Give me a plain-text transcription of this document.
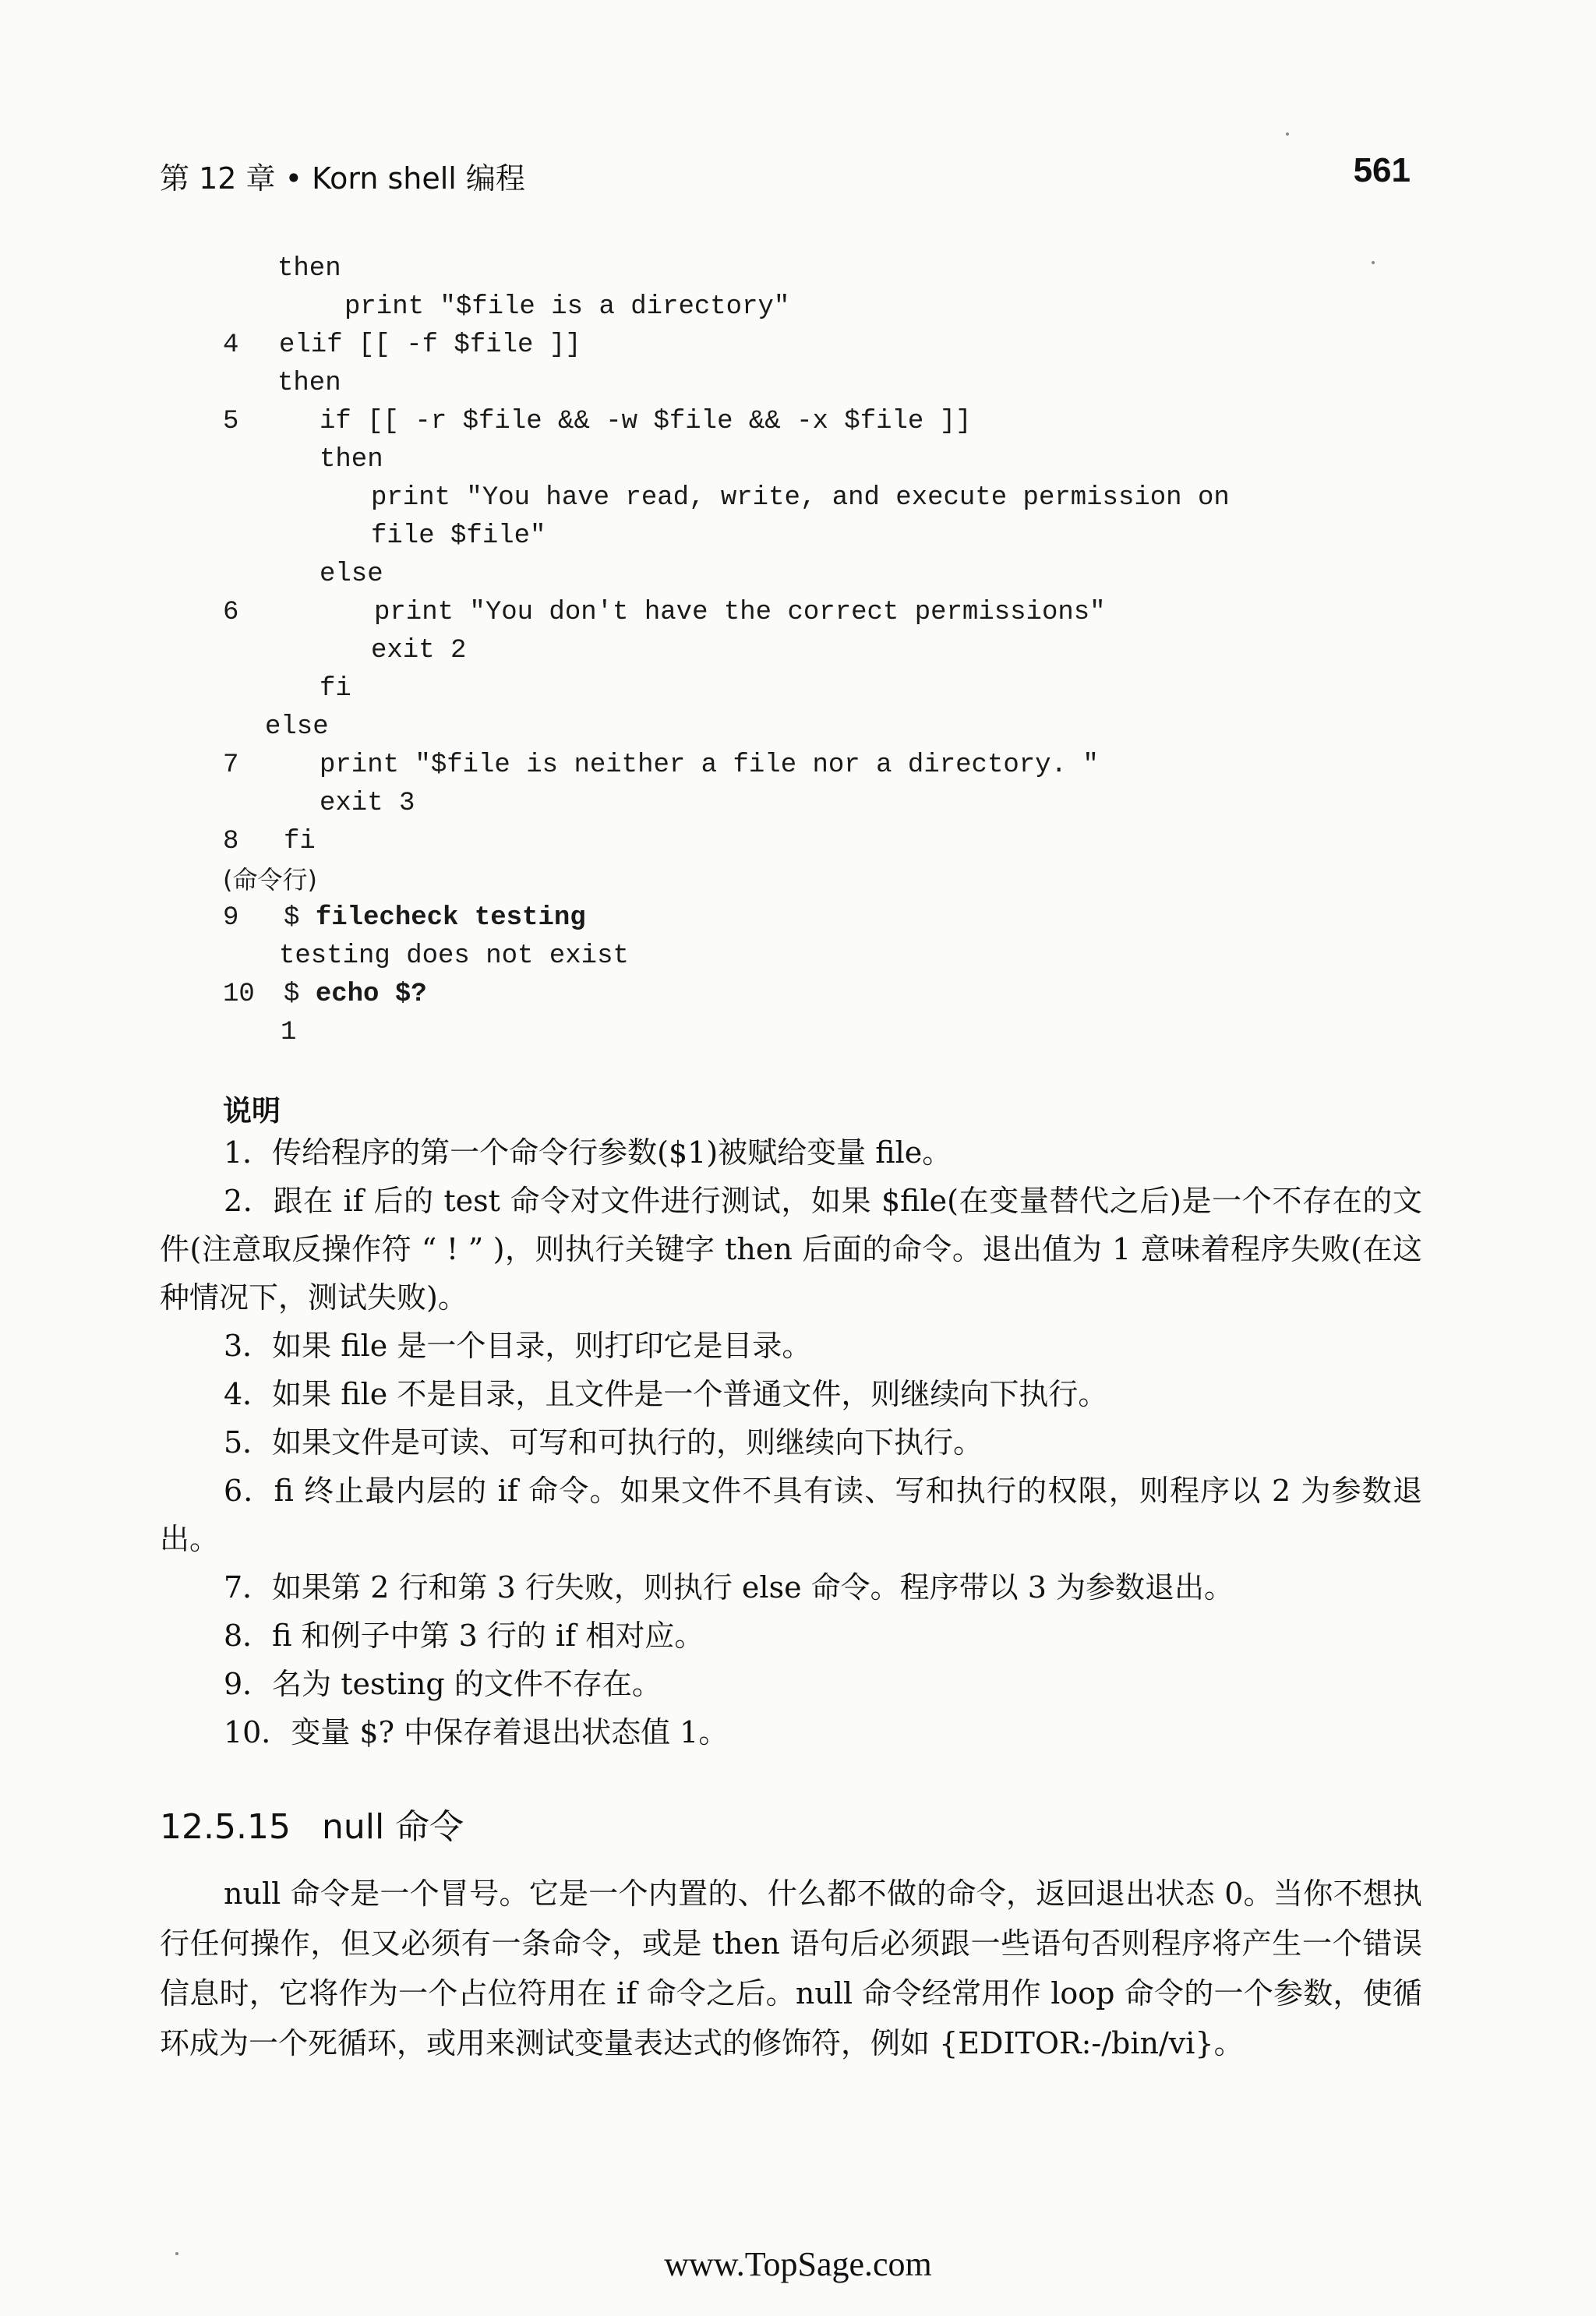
第 12 章 • Korn shell 编程	561
then
print "$file is a directory"
4	elif [[ -f $file ]]
then
5	if [[ -r $file && -w $file && -x $file ]]
then
print "You have read, write, and execute permission on
file $file"
else
6	print "You don't have the correct permissions"
exit 2
fi
else
7	print "$file is neither a file nor a directory. "
exit 3
8	fi
(命令行)
9	$ filecheck testing
testing does not exist
10	$ echo $?
1
说明
1．传给程序的第一个命令行参数($1)被赋给变量 file。
2．跟在 if 后的 test 命令对文件进行测试，如果 $file(在变量替代之后)是一个不存在的文件(注意取反操作符 “ ! ” )，则执行关键字 then 后面的命令。退出值为 1 意味着程序失败(在这种情况下，测试失败)。
3．如果 file 是一个目录，则打印它是目录。
4．如果 file 不是目录，且文件是一个普通文件，则继续向下执行。
5．如果文件是可读、可写和可执行的，则继续向下执行。
6．fi 终止最内层的 if 命令。如果文件不具有读、写和执行的权限，则程序以 2 为参数退出。
7．如果第 2 行和第 3 行失败，则执行 else 命令。程序带以 3 为参数退出。
8．fi 和例子中第 3 行的 if 相对应。
9．名为 testing 的文件不存在。
10．变量 $? 中保存着退出状态值 1。
12.5.15 null 命令
null 命令是一个冒号。它是一个内置的、什么都不做的命令，返回退出状态 0。当你不想执行任何操作，但又必须有一条命令，或是 then 语句后必须跟一些语句否则程序将产生一个错误信息时，它将作为一个占位符用在 if 命令之后。null 命令经常用作 loop 命令的一个参数，使循环成为一个死循环，或用来测试变量表达式的修饰符，例如 {EDITOR:-/bin/vi}。
www.TopSage.com
